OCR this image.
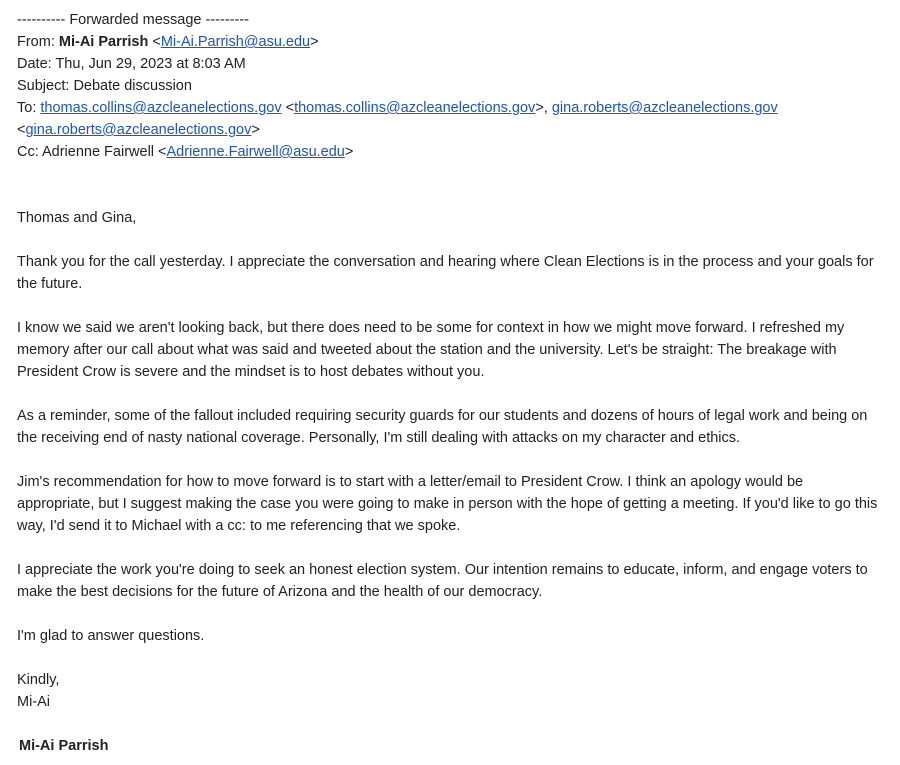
---------- Forwarded message ---------
From: Mi-Ai Parrish <Mi-Ai.Parrish@asu.edu>
Date: Thu, Jun 29, 2023 at 8:03 AM
Subject: Debate discussion
To: thomas.collins@azcleanelections.gov <thomas.collins@azcleanelections.gov>, gina.roberts@azcleanelections.gov
<gina.roberts@azcleanelections.gov>
Cc: Adrienne Fairwell <Adrienne.Fairwell@asu.edu>

Thomas and Gina,

Thank you for the call yesterday. I appreciate the conversation and hearing where Clean Elections is in the process and your goals for the future.

I know we said we aren't looking back, but there does need to be some for context in how we might move forward. I refreshed my memory after our call about what was said and tweeted about the station and the university. Let's be straight: The breakage with President Crow is severe and the mindset is to host debates without you.

As a reminder, some of the fallout included requiring security guards for our students and dozens of hours of legal work and being on the receiving end of nasty national coverage. Personally, I'm still dealing with attacks on my character and ethics.

Jim's recommendation for how to move forward is to start with a letter/email to President Crow. I think an apology would be appropriate, but I suggest making the case you were going to make in person with the hope of getting a meeting. If you'd like to go this way, I'd send it to Michael with a cc: to me referencing that we spoke.

I appreciate the work you're doing to seek an honest election system. Our intention remains to educate, inform, and engage voters to make the best decisions for the future of Arizona and the health of our democracy.

I'm glad to answer questions.

Kindly,

Mi-Ai

Mi-Ai Parrish
